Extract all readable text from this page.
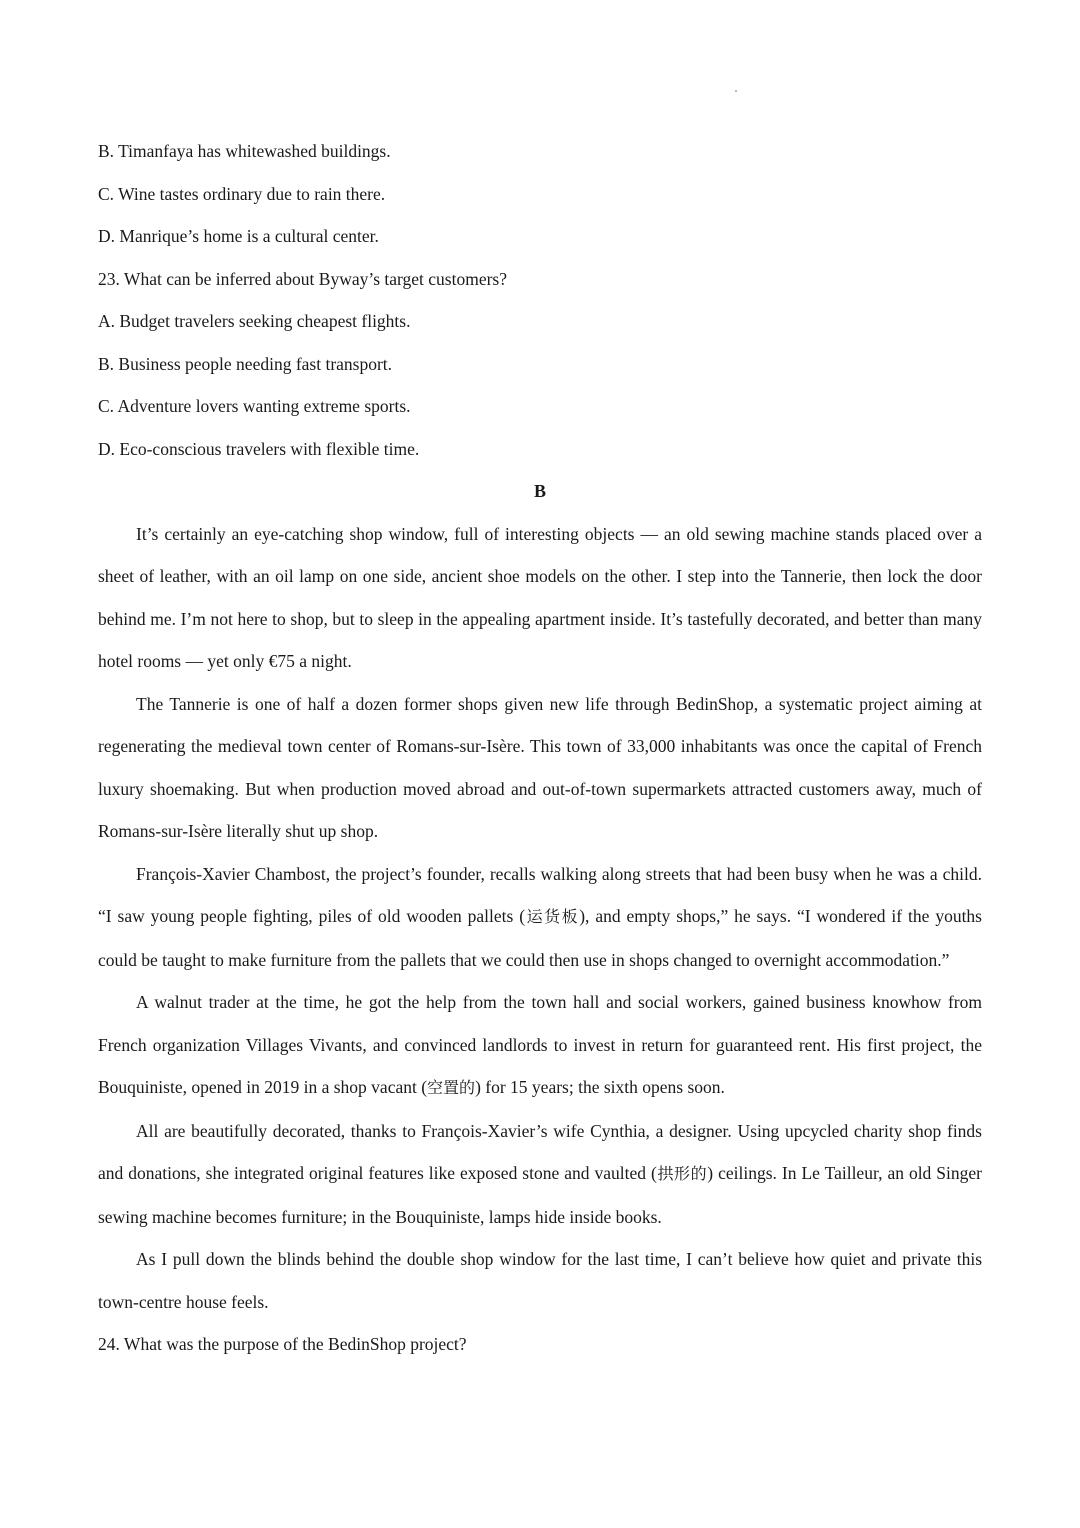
B. Timanfaya has whitewashed buildings.
C. Wine tastes ordinary due to rain there.
D. Manrique’s home is a cultural center.
23. What can be inferred about Byway’s target customers?
A. Budget travelers seeking cheapest flights.
B. Business people needing fast transport.
C. Adventure lovers wanting extreme sports.
D. Eco-conscious travelers with flexible time.
B

It’s certainly an eye-catching shop window, full of interesting objects — an old sewing machine stands placed over a sheet of leather, with an oil lamp on one side, ancient shoe models on the other. I step into the Tannerie, then lock the door behind me. I’m not here to shop, but to sleep in the appealing apartment inside. It’s tastefully decorated, and better than many hotel rooms — yet only €75 a night.

The Tannerie is one of half a dozen former shops given new life through BedinShop, a systematic project aiming at regenerating the medieval town center of Romans-sur-Isère. This town of 33,000 inhabitants was once the capital of French luxury shoemaking. But when production moved abroad and out-of-town supermarkets attracted customers away, much of Romans-sur-Isère literally shut up shop.

François-Xavier Chambost, the project’s founder, recalls walking along streets that had been busy when he was a child. “I saw young people fighting, piles of old wooden pallets (运货板), and empty shops,” he says. “I wondered if the youths could be taught to make furniture from the pallets that we could then use in shops changed to overnight accommodation.”

A walnut trader at the time, he got the help from the town hall and social workers, gained business knowhow from French organization Villages Vivants, and convinced landlords to invest in return for guaranteed rent. His first project, the Bouquiniste, opened in 2019 in a shop vacant (空置的) for 15 years; the sixth opens soon.

All are beautifully decorated, thanks to François-Xavier’s wife Cynthia, a designer. Using upcycled charity shop finds and donations, she integrated original features like exposed stone and vaulted (拱形的) ceilings. In Le Tailleur, an old Singer sewing machine becomes furniture; in the Bouquiniste, lamps hide inside books.

As I pull down the blinds behind the double shop window for the last time, I can’t believe how quiet and private this town-centre house feels.

24. What was the purpose of the BedinShop project?
